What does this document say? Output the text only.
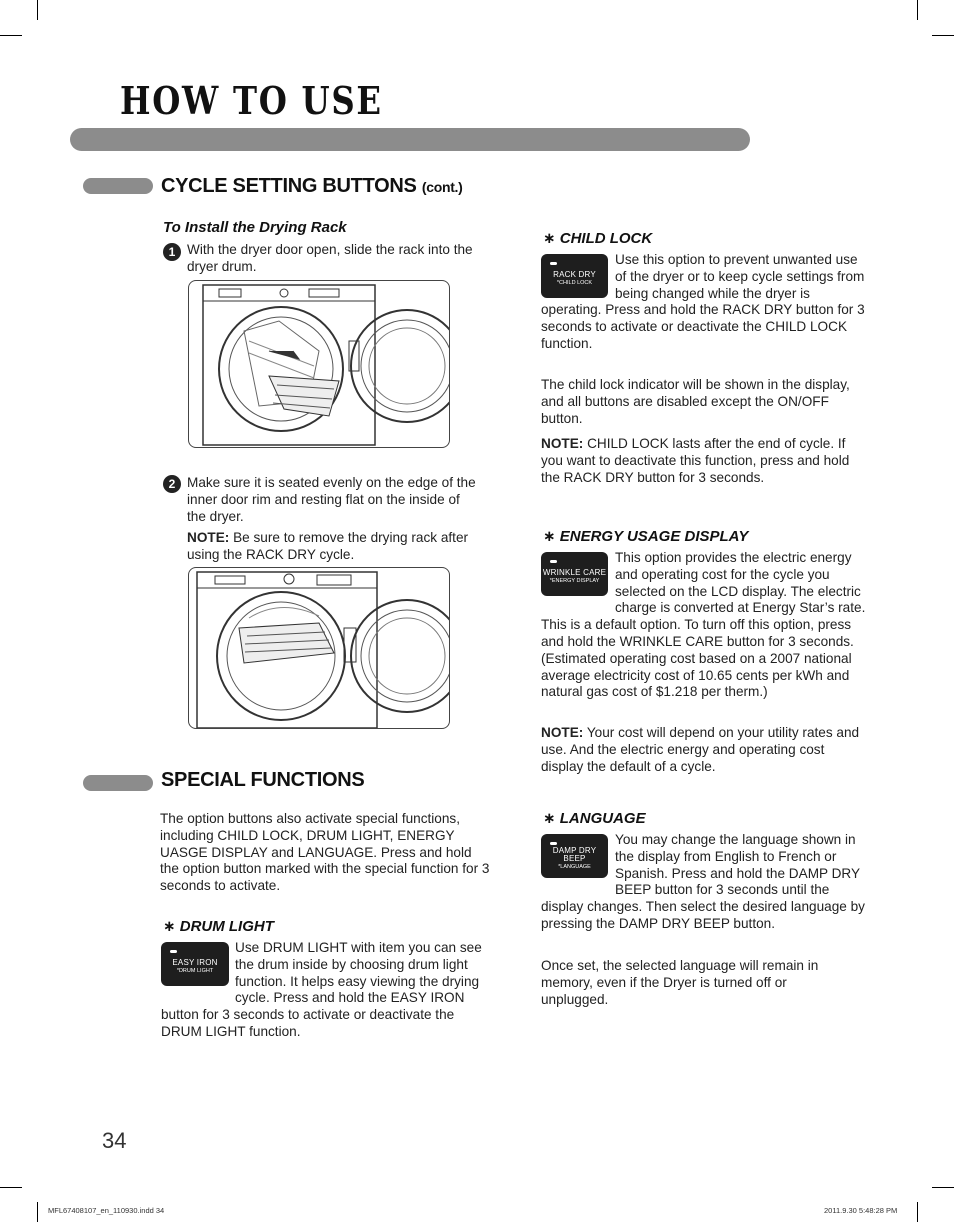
HOW TO USE
CYCLE SETTING BUTTONS (cont.)
To Install the Drying Rack
1 With the dryer door open, slide the rack into the dryer drum.
2 Make sure it is seated evenly on the edge of the inner door rim and resting flat on the inside of the dryer.
NOTE: Be sure to remove the drying rack after using the RACK DRY cycle.
SPECIAL FUNCTIONS
The option buttons also activate special functions, including CHILD LOCK, DRUM LIGHT, ENERGY UASGE DISPLAY and LANGUAGE. Press and hold the option button marked with the special function for 3 seconds to activate.
∗ DRUM LIGHT
EASY IRON
*DRUM LIGHT
Use DRUM LIGHT with item you can see the drum inside by choosing drum light function. It helps easy viewing the drying cycle. Press and hold the EASY IRON button for 3 seconds to activate or deactivate the DRUM LIGHT function.
∗ CHILD LOCK
RACK DRY
*CHILD LOCK
Use this option to prevent unwanted use of the dryer or to keep cycle settings from being changed while the dryer is operating. Press and hold the RACK DRY button for 3 seconds to activate or deactivate the CHILD LOCK function.
The child lock indicator will be shown in the display, and all buttons are disabled except the ON/OFF button.
NOTE: CHILD LOCK lasts after the end of cycle. If you want to deactivate this function, press and hold the RACK DRY button for 3 seconds.
∗ ENERGY USAGE DISPLAY
WRINKLE CARE
*ENERGY DISPLAY
This option provides the electric energy and operating cost for the cycle you selected on the LCD display. The electric charge is converted at Energy Star’s rate. This is a default option. To turn off this option, press and hold the WRINKLE CARE button for 3 seconds. (Estimated operating cost based on a 2007 national average electricity cost of 10.65 cents per kWh and natural gas cost of $1.218 per therm.)
NOTE: Your cost will depend on your utility rates and use. And the electric energy and operating cost display the default of a cycle.
∗ LANGUAGE
DAMP DRY
BEEP
*LANGUAGE
You may change the language shown in the display from English to French or Spanish. Press and hold the DAMP DRY BEEP button for 3 seconds until the display changes. Then select the desired language by pressing the DAMP DRY BEEP button.
Once set, the selected language will remain in memory, even if the Dryer is turned off or unplugged.
34
MFL67408107_en_110930.indd 34	2011.9.30 5:48:28 PM
